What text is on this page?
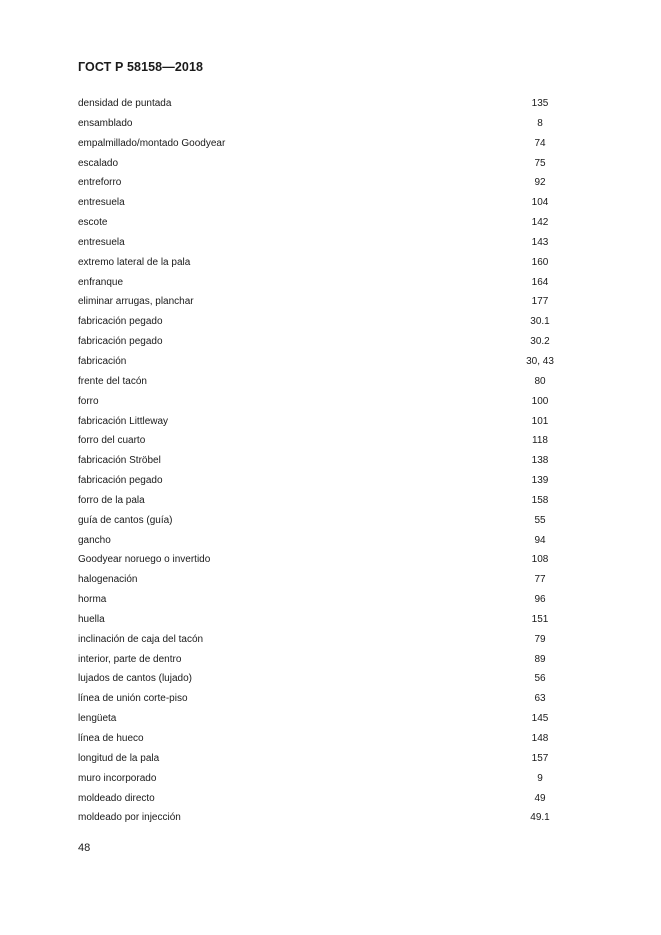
ГОСТ Р 58158—2018
densidad de puntada	135
ensamblado	8
empalmillado/montado Goodyear	74
escalado	75
entreforro	92
entresuela	104
escote	142
entresuela	143
extremo lateral de la pala	160
enfranque	164
eliminar arrugas, planchar	177
fabricación pegado	30.1
fabricación pegado	30.2
fabricación	30, 43
frente del tacón	80
forro	100
fabricación Littleway	101
forro del cuarto	118
fabricación Ströbel	138
fabricación pegado	139
forro de la pala	158
guía de cantos (guía)	55
gancho	94
Goodyear noruego o invertido	108
halogenación	77
horma	96
huella	151
inclinación de caja del tacón	79
interior, parte de dentro	89
lujados de cantos (lujado)	56
línea de unión corte-piso	63
lengüeta	145
línea de hueco	148
longitud de la pala	157
muro incorporado	9
moldeado directo	49
moldeado por injección	49.1
48
